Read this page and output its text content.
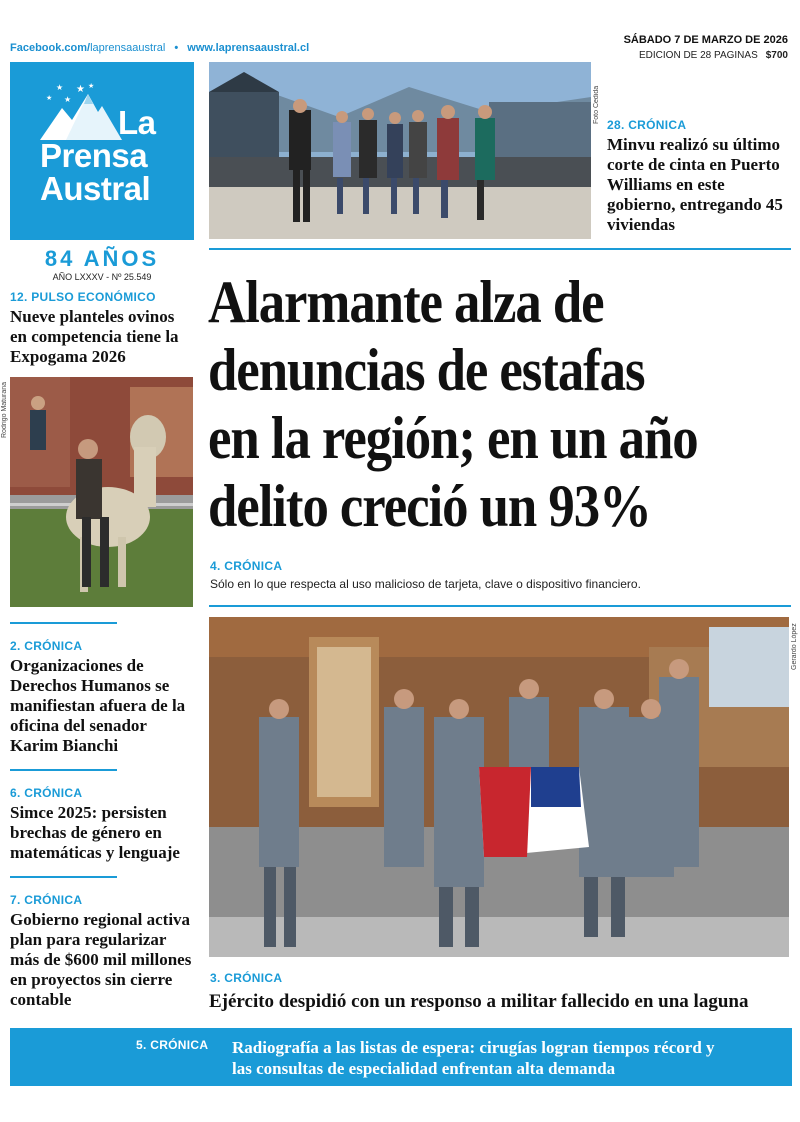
Facebook.com/laprensaaustral • www.laprensaaustral.cl
SÁBADO 7 DE MARZO DE 2026
EDICION DE 28 PAGINAS $700
★
★
★	★
★
La
Prensa
Austral
84 AÑOS
AÑO LXXXV - Nº 25.549
12. PULSO ECONÓMICO
Nueve planteles ovinos en competencia tiene la Expogama 2026
Rodrigo Maturana
2. CRÓNICA
Organizaciones de Derechos Humanos se manifiestan afuera de la oficina del senador Karim Bianchi
6. CRÓNICA
Simce 2025: persisten brechas de género en matemáticas y lenguaje
7. CRÓNICA
Gobierno regional activa plan para regularizar más de $600 mil millones en proyectos sin cierre contable
Foto Cedida
28. CRÓNICA
Minvu realizó su último corte de cinta en Puerto Williams en este gobierno, entregando 45 viviendas
Alarmante alza de
denuncias de estafas
en la región; en un año
delito creció un 93%
4. CRÓNICA
Sólo en lo que respecta al uso malicioso de tarjeta, clave o dispositivo financiero.
Gerardo López
3. CRÓNICA
Ejército despidió con un responso a militar fallecido en una laguna
5. CRÓNICA Radiografía a las listas de espera: cirugías logran tiempos récord y las consultas de especialidad enfrentan alta demanda
